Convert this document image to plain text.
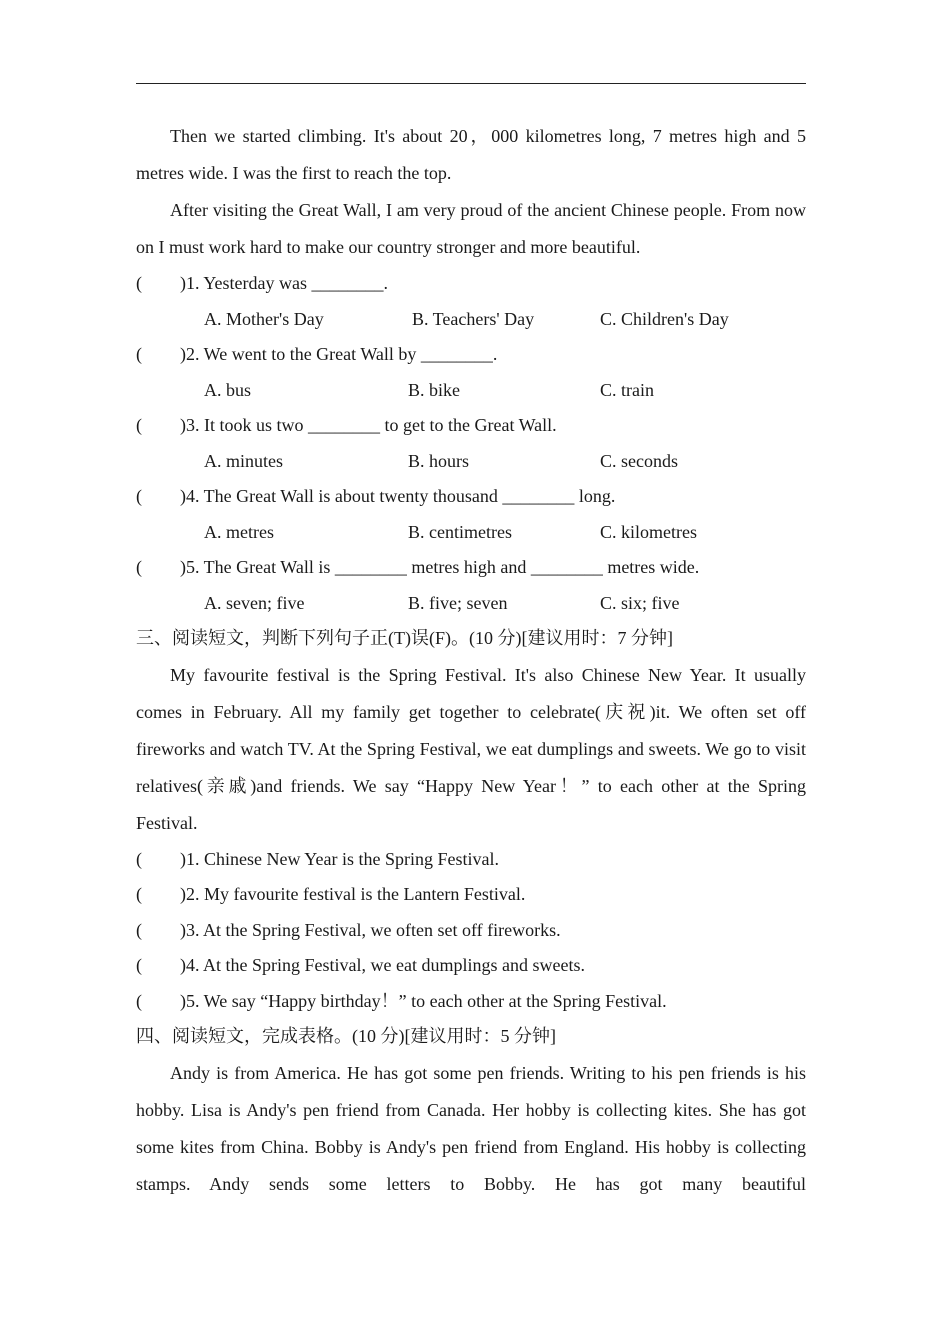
Then we started climbing. It's about 20，000 kilometres long, 7 metres high and 5 metres wide. I was the first to reach the top.

After visiting the Great Wall, I am very proud of the ancient Chinese people. From now on I must work hard to make our country stronger and more beautiful.

( )1. Yesterday was ________.
A. Mother's Day	B. Teachers' Day	C. Children's Day
( )2. We went to the Great Wall by ________.
A. bus	B. bike	C. train
( )3. It took us two ________ to get to the Great Wall.
A. minutes	B. hours	C. seconds
( )4. The Great Wall is about twenty thousand ________ long.
A. metres	B. centimetres	C. kilometres
( )5. The Great Wall is ________ metres high and ________ metres wide.
A. seven; five	B. five; seven	C. six; five
三、阅读短文，判断下列句子正(T)误(F)。(10 分)[建议用时：7 分钟]

My favourite festival is the Spring Festival. It's also Chinese New Year. It usually comes in February. All my family get together to celebrate(庆祝)it. We often set off fireworks and watch TV. At the Spring Festival, we eat dumplings and sweets. We go to visit relatives(亲戚)and friends. We say “Happy New Year！” to each other at the Spring Festival.

( )1. Chinese New Year is the Spring Festival.
( )2. My favourite festival is the Lantern Festival.
( )3. At the Spring Festival, we often set off fireworks.
( )4. At the Spring Festival, we eat dumplings and sweets.
( )5. We say “Happy birthday！” to each other at the Spring Festival.
四、阅读短文，完成表格。(10 分)[建议用时：5 分钟]

Andy is from America. He has got some pen friends. Writing to his pen friends is his hobby. Lisa is Andy's pen friend from Canada. Her hobby is collecting kites. She has got some kites from China. Bobby is Andy's pen friend from England. His hobby is collecting stamps. Andy sends some letters to Bobby. He has got many beautiful
